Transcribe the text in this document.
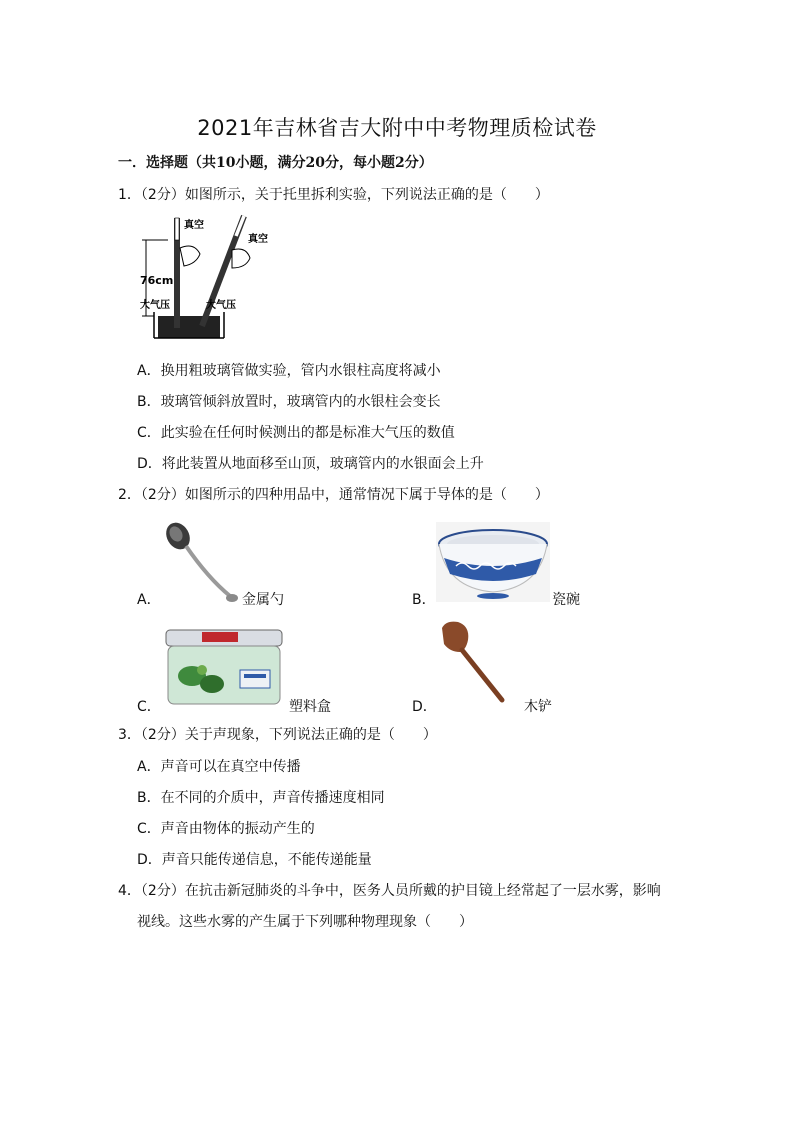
2021年吉林省吉大附中中考物理质检试卷
一．选择题（共10小题，满分20分，每小题2分）
1．（2分）如图所示，关于托里拆利实验，下列说法正确的是（　　）
真空
真空
76cm
大气压	大气压
A．换用粗玻璃管做实验，管内水银柱高度将减小
B．玻璃管倾斜放置时，玻璃管内的水银柱会变长
C．此实验在任何时候测出的都是标准大气压的数值
D．将此装置从地面移至山顶，玻璃管内的水银面会上升
2．（2分）如图所示的四种用品中，通常情况下属于导体的是（　　）
A．	金属勺	B．	瓷碗
C．	塑料盒	D．	木铲
3．（2分）关于声现象，下列说法正确的是（　　）
A．声音可以在真空中传播
B．在不同的介质中，声音传播速度相同
C．声音由物体的振动产生的
D．声音只能传递信息，不能传递能量
4．（2分）在抗击新冠肺炎的斗争中，医务人员所戴的护目镜上经常起了一层水雾，影响
视线。这些水雾的产生属于下列哪种物理现象（　　）
